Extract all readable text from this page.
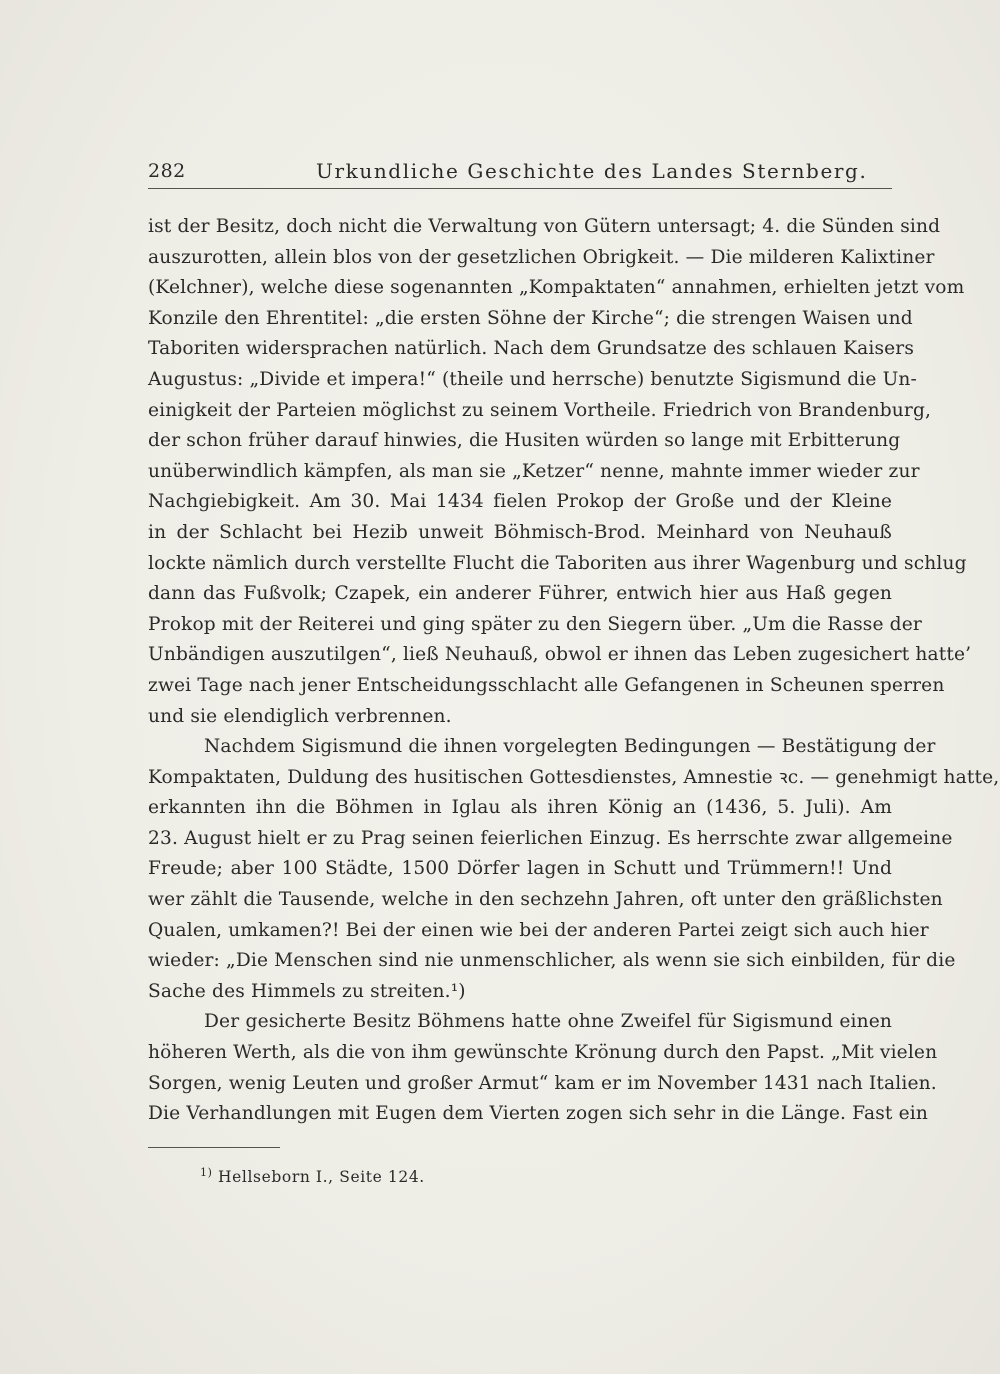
282	Urkundliche Geschichte des Landes Sternberg.
ist der Besitz, doch nicht die Verwaltung von Gütern untersagt; 4. die Sünden sind
auszurotten, allein blos von der gesetzlichen Obrigkeit. — Die milderen Kalixtiner
(Kelchner), welche diese sogenannten „Kompaktaten“ annahmen, erhielten jetzt vom
Konzile den Ehrentitel: „die ersten Söhne der Kirche“; die strengen Waisen und
Taboriten widersprachen natürlich. Nach dem Grundsatze des schlauen Kaisers
Augustus: „Divide et impera!“ (theile und herrsche) benutzte Sigismund die Un-
einigkeit der Parteien möglichst zu seinem Vortheile. Friedrich von Brandenburg,
der schon früher darauf hinwies, die Husiten würden so lange mit Erbitterung
unüberwindlich kämpfen, als man sie „Ketzer“ nenne, mahnte immer wieder zur
Nachgiebigkeit. Am 30. Mai 1434 fielen Prokop der Große und der Kleine
in der Schlacht bei Hezib unweit Böhmisch-Brod. Meinhard von Neuhauß
lockte nämlich durch verstellte Flucht die Taboriten aus ihrer Wagenburg und schlug
dann das Fußvolk; Czapek, ein anderer Führer, entwich hier aus Haß gegen
Prokop mit der Reiterei und ging später zu den Siegern über. „Um die Rasse der
Unbändigen auszutilgen“, ließ Neuhauß, obwol er ihnen das Leben zugesichert hatte’
zwei Tage nach jener Entscheidungsschlacht alle Gefangenen in Scheunen sperren
und sie elendiglich verbrennen.
Nachdem Sigismund die ihnen vorgelegten Bedingungen — Bestätigung der
Kompaktaten, Duldung des husitischen Gottesdienstes, Amnestie ꝛc. — genehmigt hatte,
erkannten ihn die Böhmen in Iglau als ihren König an (1436, 5. Juli). Am
23. August hielt er zu Prag seinen feierlichen Einzug. Es herrschte zwar allgemeine
Freude; aber 100 Städte, 1500 Dörfer lagen in Schutt und Trümmern!! Und
wer zählt die Tausende, welche in den sechzehn Jahren, oft unter den gräßlichsten
Qualen, umkamen?! Bei der einen wie bei der anderen Partei zeigt sich auch hier
wieder: „Die Menschen sind nie unmenschlicher, als wenn sie sich einbilden, für die
Sache des Himmels zu streiten.¹)
Der gesicherte Besitz Böhmens hatte ohne Zweifel für Sigismund einen
höheren Werth, als die von ihm gewünschte Krönung durch den Papst. „Mit vielen
Sorgen, wenig Leuten und großer Armut“ kam er im November 1431 nach Italien.
Die Verhandlungen mit Eugen dem Vierten zogen sich sehr in die Länge. Fast ein
$^{1)}$ Hellseborn I., Seite 124.
